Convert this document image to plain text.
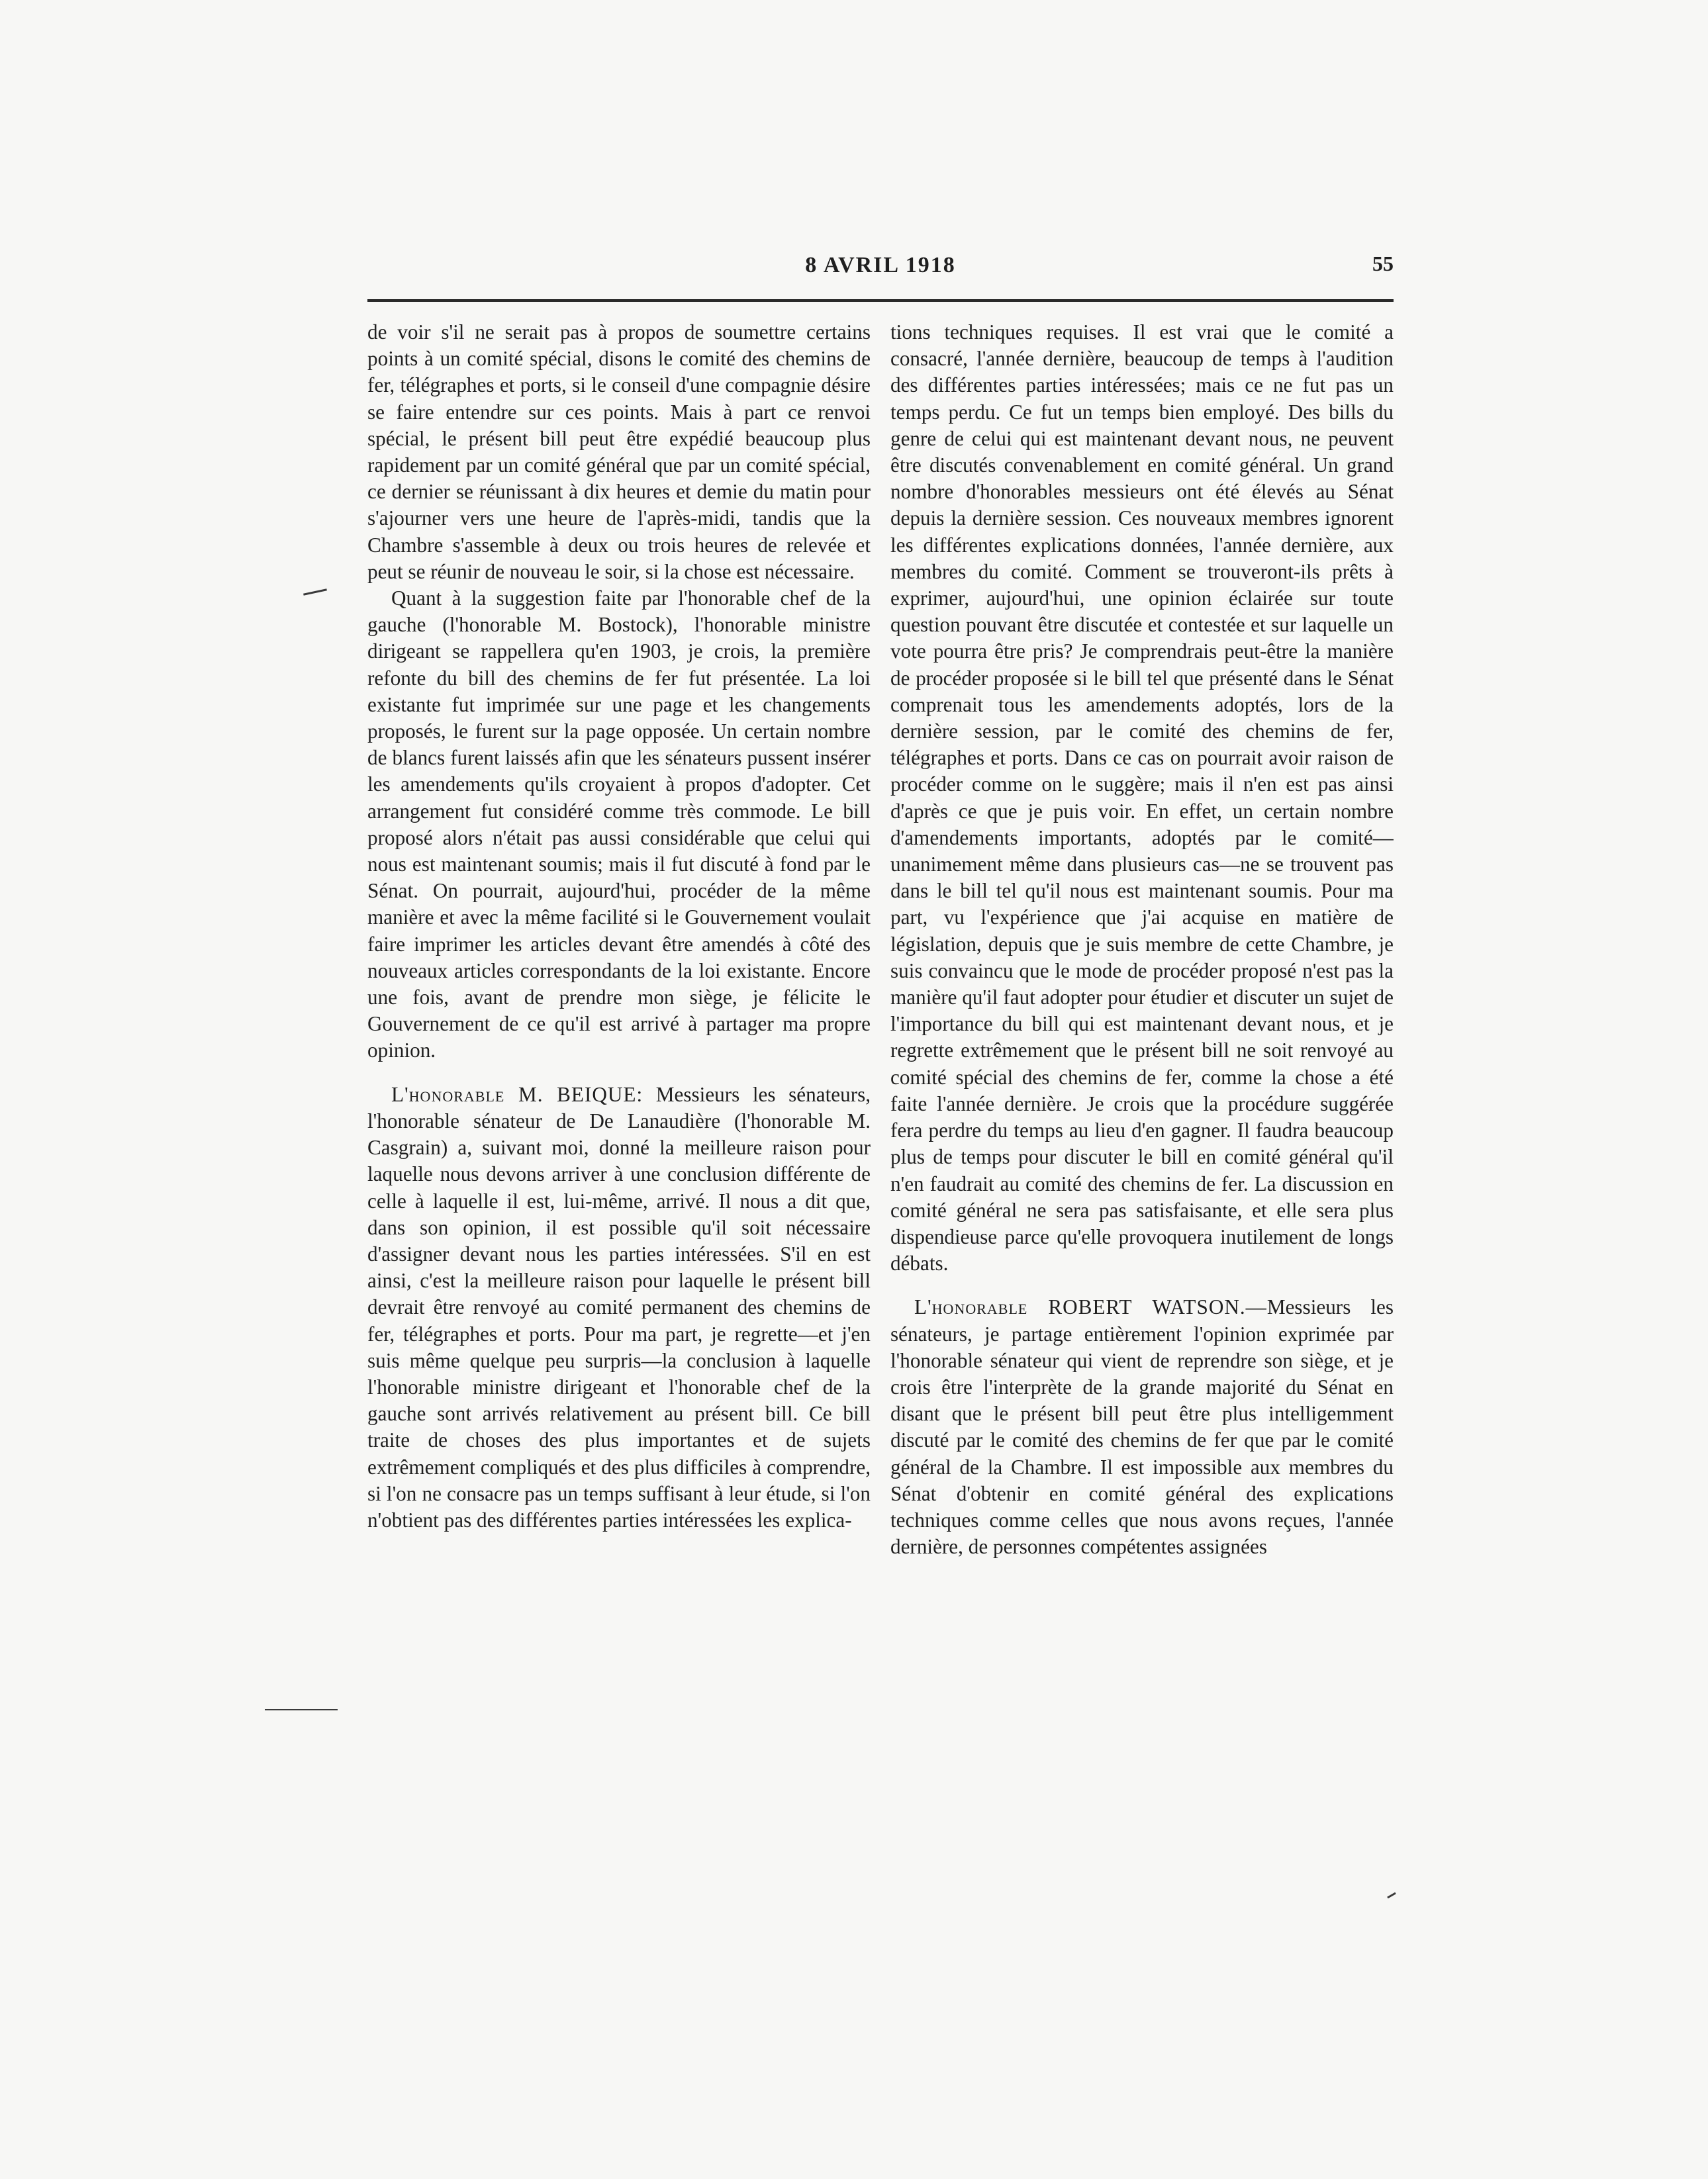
8 AVRIL 1918	55

de voir s'il ne serait pas à propos de soumettre certains points à un comité spécial, disons le comité des chemins de fer, télégraphes et ports, si le conseil d'une compagnie désire se faire entendre sur ces points. Mais à part ce renvoi spécial, le présent bill peut être expédié beaucoup plus rapidement par un comité général que par un comité spécial, ce dernier se réunissant à dix heures et demie du matin pour s'ajourner vers une heure de l'après-midi, tandis que la Chambre s'assemble à deux ou trois heures de relevée et peut se réunir de nouveau le soir, si la chose est nécessaire.

Quant à la suggestion faite par l'honorable chef de la gauche (l'honorable M. Bostock), l'honorable ministre dirigeant se rappellera qu'en 1903, je crois, la première refonte du bill des chemins de fer fut présentée. La loi existante fut imprimée sur une page et les changements proposés, le furent sur la page opposée. Un certain nombre de blancs furent laissés afin que les sénateurs pussent insérer les amendements qu'ils croyaient à propos d'adopter. Cet arrangement fut considéré comme très commode. Le bill proposé alors n'était pas aussi considérable que celui qui nous est maintenant soumis; mais il fut discuté à fond par le Sénat. On pourrait, aujourd'hui, procéder de la même manière et avec la même facilité si le Gouvernement voulait faire imprimer les articles devant être amendés à côté des nouveaux articles correspondants de la loi existante. Encore une fois, avant de prendre mon siège, je félicite le Gouvernement de ce qu'il est arrivé à partager ma propre opinion.

L'honorable M. BEIQUE: Messieurs les sénateurs, l'honorable sénateur de De Lanaudière (l'honorable M. Casgrain) a, suivant moi, donné la meilleure raison pour laquelle nous devons arriver à une conclusion différente de celle à laquelle il est, lui-même, arrivé. Il nous a dit que, dans son opinion, il est possible qu'il soit nécessaire d'assigner devant nous les parties intéressées. S'il en est ainsi, c'est la meilleure raison pour laquelle le présent bill devrait être renvoyé au comité permanent des chemins de fer, télégraphes et ports. Pour ma part, je regrette—et j'en suis même quelque peu surpris—la conclusion à laquelle l'honorable ministre dirigeant et l'honorable chef de la gauche sont arrivés relativement au présent bill. Ce bill traite de choses des plus importantes et de sujets extrêmement compliqués et des plus difficiles à comprendre, si l'on ne consacre pas un temps suffisant à leur étude, si l'on n'obtient pas des différentes parties intéressées les explica-

tions techniques requises. Il est vrai que le comité a consacré, l'année dernière, beaucoup de temps à l'audition des différentes parties intéressées; mais ce ne fut pas un temps perdu. Ce fut un temps bien employé. Des bills du genre de celui qui est maintenant devant nous, ne peuvent être discutés convenablement en comité général. Un grand nombre d'honorables messieurs ont été élevés au Sénat depuis la dernière session. Ces nouveaux membres ignorent les différentes explications données, l'année dernière, aux membres du comité. Comment se trouveront-ils prêts à exprimer, aujourd'hui, une opinion éclairée sur toute question pouvant être discutée et contestée et sur laquelle un vote pourra être pris? Je comprendrais peut-être la manière de procéder proposée si le bill tel que présenté dans le Sénat comprenait tous les amendements adoptés, lors de la dernière session, par le comité des chemins de fer, télégraphes et ports. Dans ce cas on pourrait avoir raison de procéder comme on le suggère; mais il n'en est pas ainsi d'après ce que je puis voir. En effet, un certain nombre d'amendements importants, adoptés par le comité—unanimement même dans plusieurs cas—ne se trouvent pas dans le bill tel qu'il nous est maintenant soumis. Pour ma part, vu l'expérience que j'ai acquise en matière de législation, depuis que je suis membre de cette Chambre, je suis convaincu que le mode de procéder proposé n'est pas la manière qu'il faut adopter pour étudier et discuter un sujet de l'importance du bill qui est maintenant devant nous, et je regrette extrêmement que le présent bill ne soit renvoyé au comité spécial des chemins de fer, comme la chose a été faite l'année dernière. Je crois que la procédure suggérée fera perdre du temps au lieu d'en gagner. Il faudra beaucoup plus de temps pour discuter le bill en comité général qu'il n'en faudrait au comité des chemins de fer. La discussion en comité général ne sera pas satisfaisante, et elle sera plus dispendieuse parce qu'elle provoquera inutilement de longs débats.

L'honorable ROBERT WATSON.—Messieurs les sénateurs, je partage entièrement l'opinion exprimée par l'honorable sénateur qui vient de reprendre son siège, et je crois être l'interprète de la grande majorité du Sénat en disant que le présent bill peut être plus intelligemment discuté par le comité des chemins de fer que par le comité général de la Chambre. Il est impossible aux membres du Sénat d'obtenir en comité général des explications techniques comme celles que nous avons reçues, l'année dernière, de personnes compétentes assignées
